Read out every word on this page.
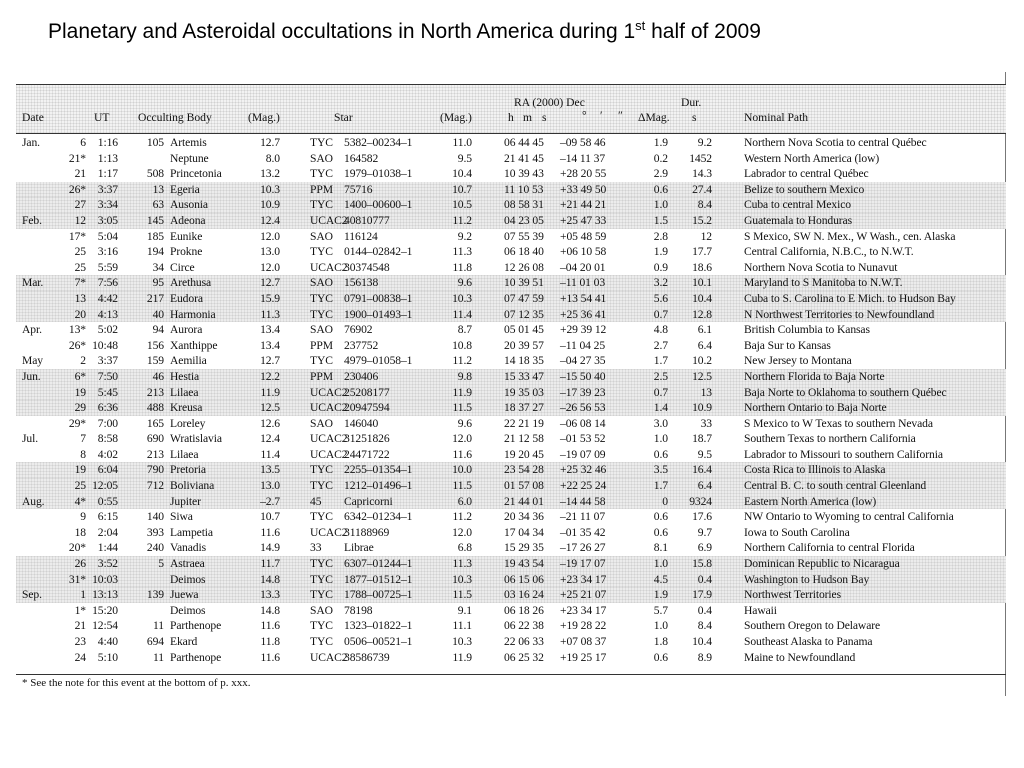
Planetary and Asteroidal occultations in North America during 1st half of 2009
Date	UT Occulting Body	(Mag.)	Star	(Mag.)
RA (2000) Dec
h m s	° ′ ″ ΔMag.
Dur.
s	Nominal Path
Jan.	6	1:16	105 Artemis	12.7	TYC 5382–00234–1	11.0	06 44 45 –09 58 46	1.9	9.2	Northern Nova Scotia to central Québec
21*	1:13	Neptune	8.0	SAO 164582	9.5	21 41 45 –14 11 37	0.2	1452	Western North America (low)
21	1:17	508 Princetonia	13.2	TYC 1979–01038–1	10.4	10 39 43 +28 20 55	2.9	14.3	Labrador to central Québec
26*	3:37	13 Egeria	10.3	PPM 75716	10.7	11 10 53 +33 49 50	0.6	27.4	Belize to southern Mexico
27	3:34	63 Ausonia	10.9	TYC 1400–00600–1	10.5	08 58 31 +21 44 21	1.0	8.4	Cuba to central Mexico
Feb.	12	3:05	145 Adeona	12.4	UCAC2
40810777	11.2	04 23 05 +25 47 33	1.5	15.2	Guatemala to Honduras
17*	5:04	185 Eunike	12.0	SAO 116124	9.2	07 55 39 +05 48 59	2.8	12	S Mexico, SW N. Mex., W Wash., cen. Alaska
25	3:16	194 Prokne	13.0	TYC 0144–02842–1	11.3	06 18 40 +06 10 58	1.9	17.7	Central California, N.B.C., to N.W.T.
25	5:59	34 Circe	12.0	UCAC2
30374548	11.8	12 26 08 –04 20 01	0.9	18.6	Northern Nova Scotia to Nunavut
Mar.	7*	7:56	95 Arethusa	12.7	SAO 156138	9.6	10 39 51 –11 01 03	3.2	10.1	Maryland to S Manitoba to N.W.T.
13	4:42	217 Eudora	15.9	TYC 0791–00838–1	10.3	07 47 59 +13 54 41	5.6	10.4	Cuba to S. Carolina to E Mich. to Hudson Bay
20	4:13	40 Harmonia	11.3	TYC 1900–01493–1	11.4	07 12 35 +25 36 41	0.7	12.8	N Northwest Territories to Newfoundland
Apr.	13*	5:02	94 Aurora	13.4	SAO 76902	8.7	05 01 45 +29 39 12	4.8	6.1	British Columbia to Kansas
26* 10:48	156 Xanthippe	13.4	PPM 237752	10.8	20 39 57 –11 04 25	2.7	6.4	Baja Sur to Kansas
May	2	3:37	159 Aemilia	12.7	TYC 4979–01058–1	11.2	14 18 35 –04 27 35	1.7	10.2	New Jersey to Montana
Jun.	6*	7:50	46 Hestia	12.2	PPM 230406	9.8	15 33 47 –15 50 40	2.5	12.5	Northern Florida to Baja Norte
19	5:45	213 Lilaea	11.9	UCAC2
25208177	11.9	19 35 03 –17 39 23	0.7	13	Baja Norte to Oklahoma to southern Québec
29	6:36	488 Kreusa	12.5	UCAC2
20947594	11.5	18 37 27 –26 56 53	1.4	10.9	Northern Ontario to Baja Norte
29*	7:00	165 Loreley	12.6	SAO 146040	9.6	22 21 19 –06 08 14	3.0	33	S Mexico to W Texas to southern Nevada
Jul.	7	8:58	690 Wratislavia	12.4	UCAC2
31251826	12.0	21 12 58 –01 53 52	1.0	18.7	Southern Texas to northern California
8	4:02	213 Lilaea	11.4	UCAC2
24471722	11.6	19 20 45 –19 07 09	0.6	9.5	Labrador to Missouri to southern California
19	6:04	790 Pretoria	13.5	TYC 2255–01354–1	10.0	23 54 28 +25 32 46	3.5	16.4	Costa Rica to Illinois to Alaska
25 12:05	712 Boliviana	13.0	TYC 1212–01496–1	11.5	01 57 08 +22 25 24	1.7	6.4	Central B. C. to south central Gleenland
Aug.	4*	0:55	Jupiter	–2.7	45 Capricorni	6.0	21 44 01 –14 44 58	0	9324	Eastern North America (low)
9	6:15	140 Siwa	10.7	TYC 6342–01234–1	11.2	20 34 36 –21 11 07	0.6	17.6	NW Ontario to Wyoming to central California
18	2:04	393 Lampetia	11.6	UCAC2
31188969	12.0	17 04 34 –01 35 42	0.6	9.7	Iowa to South Carolina
20*	1:44	240 Vanadis	14.9	33 Librae	6.8	15 29 35 –17 26 27	8.1	6.9	Northern California to central Florida
26	3:52	5 Astraea	11.7	TYC 6307–01244–1	11.3	19 43 54 –19 17 07	1.0	15.8	Dominican Republic to Nicaragua
31* 10:03	Deimos	14.8	TYC 1877–01512–1	10.3	06 15 06 +23 34 17	4.5	0.4	Washington to Hudson Bay
Sep.	1 13:13	139 Juewa	13.3	TYC 1788–00725–1	11.5	03 16 24 +25 21 07	1.9	17.9	Northwest Territories
1* 15:20	Deimos	14.8	SAO 78198	9.1	06 18 26 +23 34 17	5.7	0.4	Hawaii
21 12:54	11 Parthenope	11.6	TYC 1323–01822–1	11.1	06 22 38 +19 28 22	1.0	8.4	Southern Oregon to Delaware
23	4:40	694 Ekard	11.8	TYC 0506–00521–1	10.3	22 06 33 +07 08 37	1.8	10.4	Southeast Alaska to Panama
24	5:10	11 Parthenope	11.6	UCAC2
38586739	11.9	06 25 32 +19 25 17	0.6	8.9	Maine to Newfoundland
* See the note for this event at the bottom of p. xxx.
